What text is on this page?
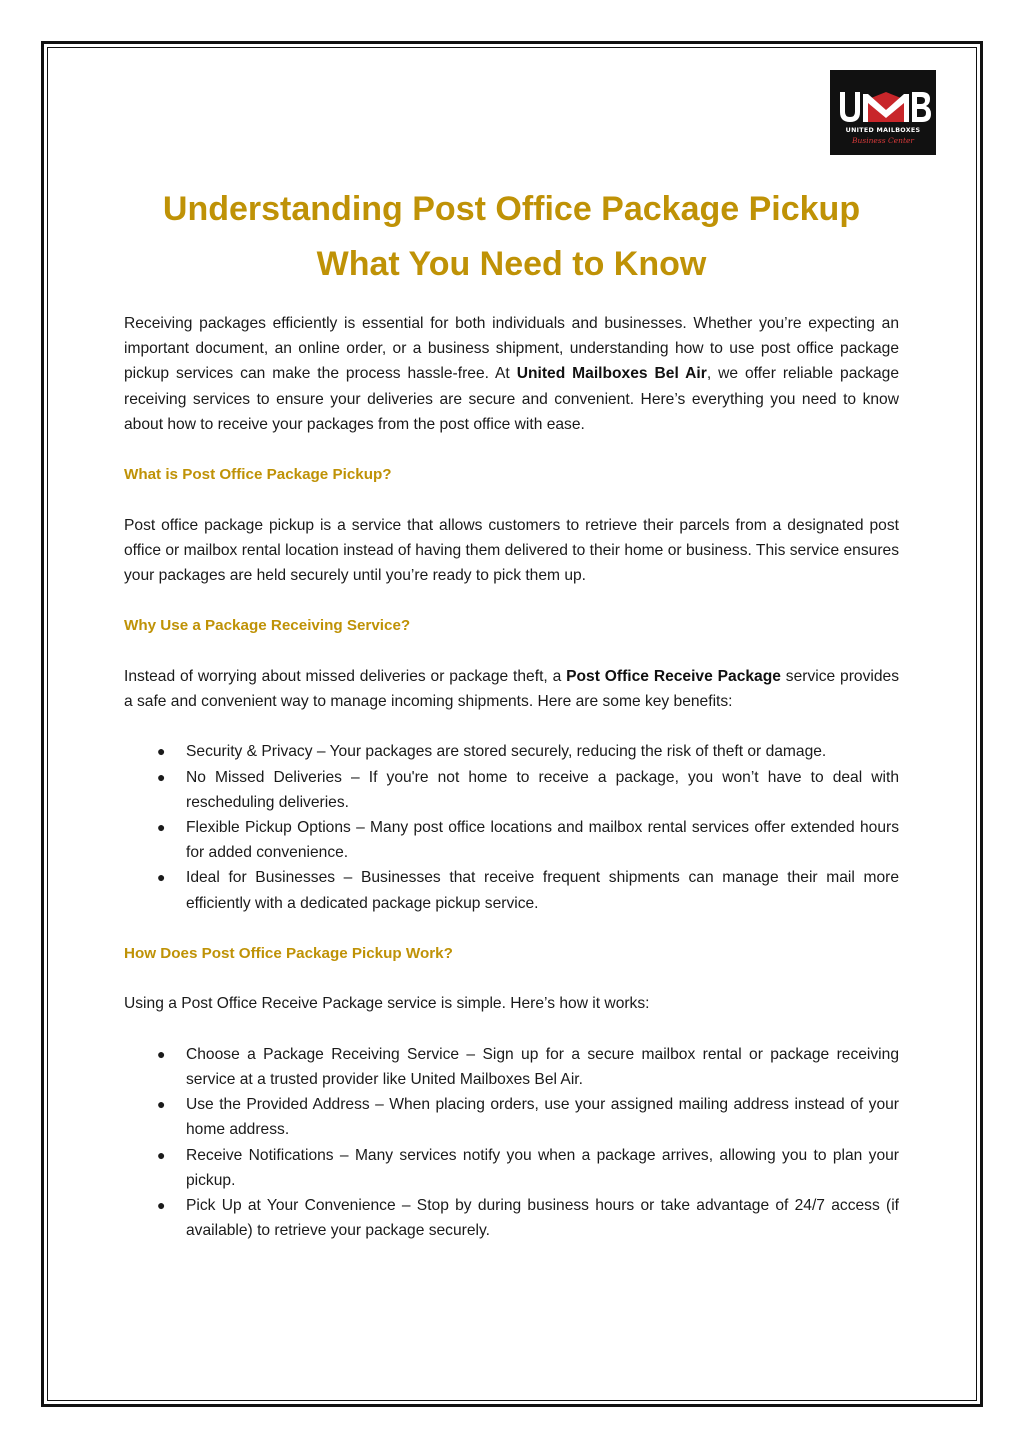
UNITED MAILBOXES
Business Center
Understanding Post Office Package Pickup
What You Need to Know

Receiving packages efficiently is essential for both individuals and businesses. Whether you’re expecting an important document, an online order, or a business shipment, understanding how to use post office package pickup services can make the process hassle-free. At United Mailboxes Bel Air, we offer reliable package receiving services to ensure your deliveries are secure and convenient. Here’s everything you need to know about how to receive your packages from the post office with ease.

What is Post Office Package Pickup?

Post office package pickup is a service that allows customers to retrieve their parcels from a designated post office or mailbox rental location instead of having them delivered to their home or business. This service ensures your packages are held securely until you’re ready to pick them up.

Why Use a Package Receiving Service?

Instead of worrying about missed deliveries or package theft, a Post Office Receive Package service provides a safe and convenient way to manage incoming shipments. Here are some key benefits:

● Security & Privacy – Your packages are stored securely, reducing the risk of theft or damage.
● No Missed Deliveries – If you're not home to receive a package, you won’t have to deal with rescheduling deliveries.
● Flexible Pickup Options – Many post office locations and mailbox rental services offer extended hours for added convenience.
● Ideal for Businesses – Businesses that receive frequent shipments can manage their mail more efficiently with a dedicated package pickup service.
How Does Post Office Package Pickup Work?

Using a Post Office Receive Package service is simple. Here’s how it works:

● Choose a Package Receiving Service – Sign up for a secure mailbox rental or package receiving service at a trusted provider like United Mailboxes Bel Air.
● Use the Provided Address – When placing orders, use your assigned mailing address instead of your home address.
● Receive Notifications – Many services notify you when a package arrives, allowing you to plan your pickup.
● Pick Up at Your Convenience – Stop by during business hours or take advantage of 24/7 access (if available) to retrieve your package securely.
